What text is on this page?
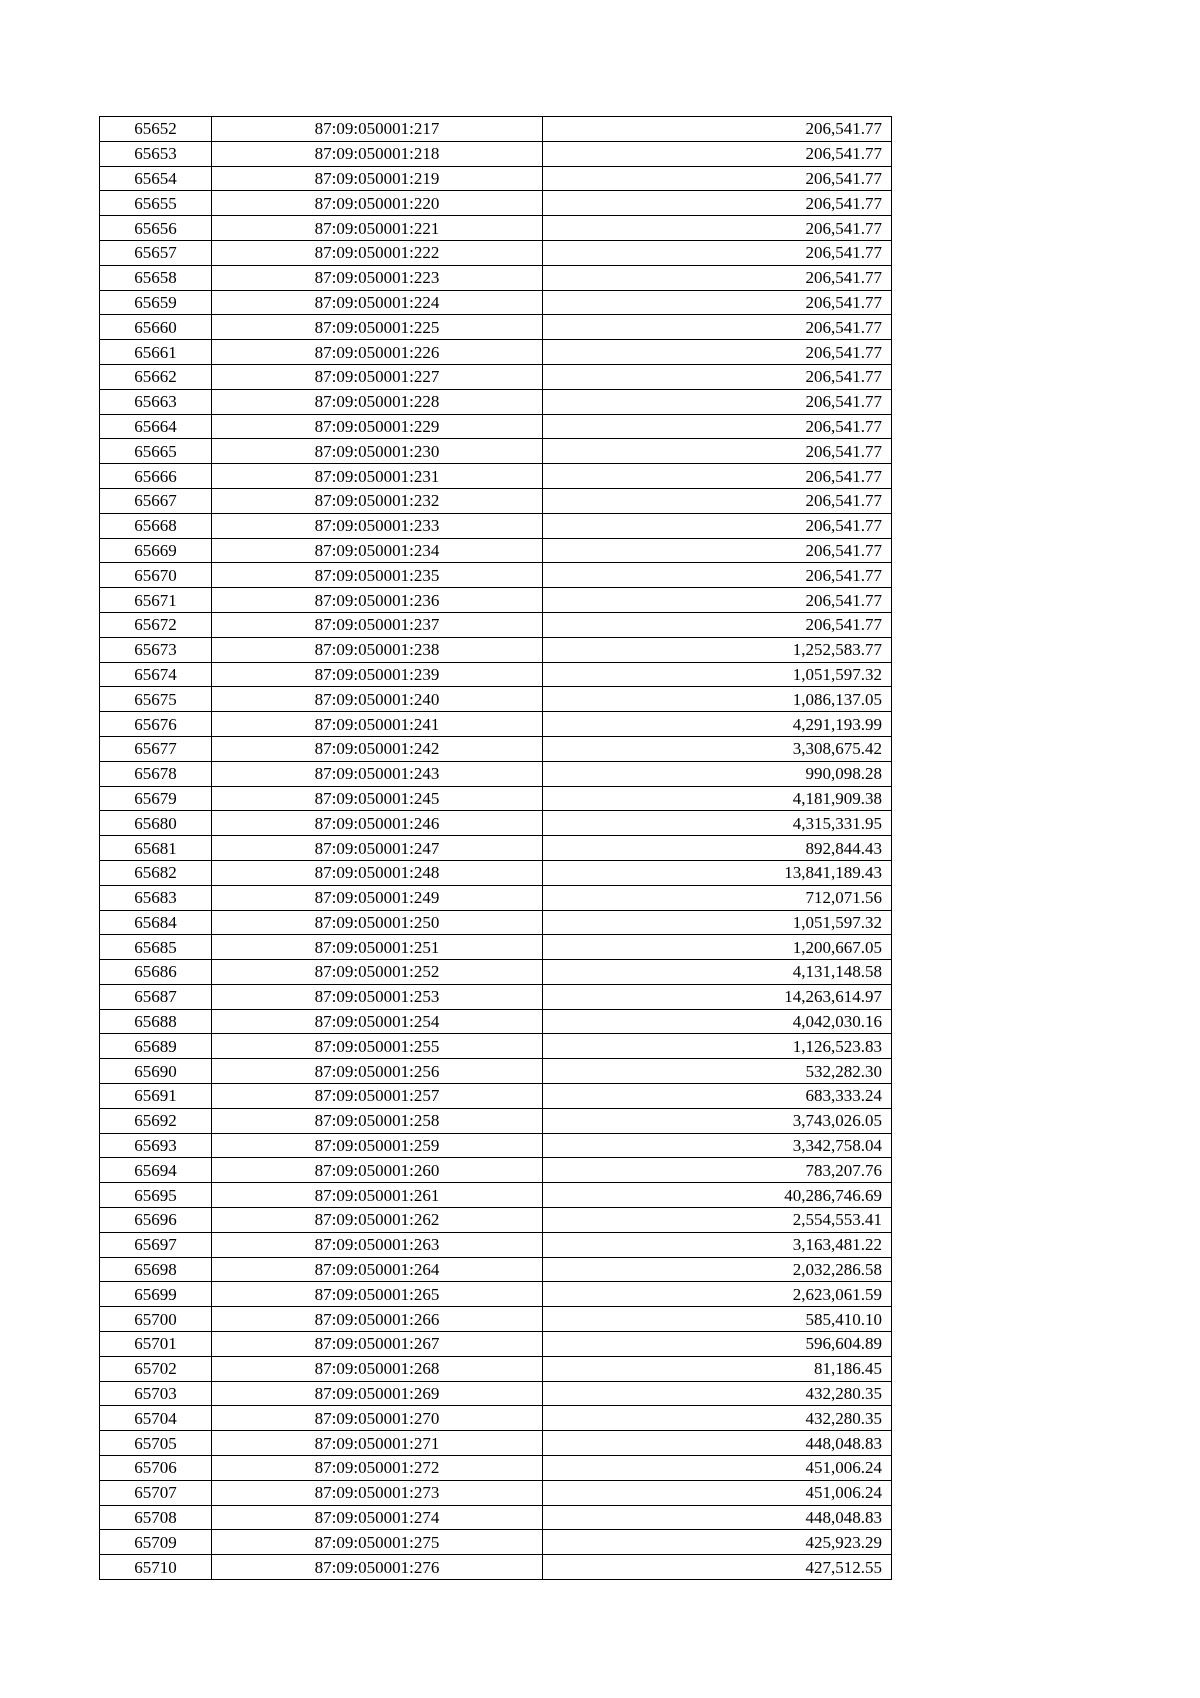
65652	87:09:050001:217	206,541.77
65653	87:09:050001:218	206,541.77
65654	87:09:050001:219	206,541.77
65655	87:09:050001:220	206,541.77
65656	87:09:050001:221	206,541.77
65657	87:09:050001:222	206,541.77
65658	87:09:050001:223	206,541.77
65659	87:09:050001:224	206,541.77
65660	87:09:050001:225	206,541.77
65661	87:09:050001:226	206,541.77
65662	87:09:050001:227	206,541.77
65663	87:09:050001:228	206,541.77
65664	87:09:050001:229	206,541.77
65665	87:09:050001:230	206,541.77
65666	87:09:050001:231	206,541.77
65667	87:09:050001:232	206,541.77
65668	87:09:050001:233	206,541.77
65669	87:09:050001:234	206,541.77
65670	87:09:050001:235	206,541.77
65671	87:09:050001:236	206,541.77
65672	87:09:050001:237	206,541.77
65673	87:09:050001:238	1,252,583.77
65674	87:09:050001:239	1,051,597.32
65675	87:09:050001:240	1,086,137.05
65676	87:09:050001:241	4,291,193.99
65677	87:09:050001:242	3,308,675.42
65678	87:09:050001:243	990,098.28
65679	87:09:050001:245	4,181,909.38
65680	87:09:050001:246	4,315,331.95
65681	87:09:050001:247	892,844.43
65682	87:09:050001:248	13,841,189.43
65683	87:09:050001:249	712,071.56
65684	87:09:050001:250	1,051,597.32
65685	87:09:050001:251	1,200,667.05
65686	87:09:050001:252	4,131,148.58
65687	87:09:050001:253	14,263,614.97
65688	87:09:050001:254	4,042,030.16
65689	87:09:050001:255	1,126,523.83
65690	87:09:050001:256	532,282.30
65691	87:09:050001:257	683,333.24
65692	87:09:050001:258	3,743,026.05
65693	87:09:050001:259	3,342,758.04
65694	87:09:050001:260	783,207.76
65695	87:09:050001:261	40,286,746.69
65696	87:09:050001:262	2,554,553.41
65697	87:09:050001:263	3,163,481.22
65698	87:09:050001:264	2,032,286.58
65699	87:09:050001:265	2,623,061.59
65700	87:09:050001:266	585,410.10
65701	87:09:050001:267	596,604.89
65702	87:09:050001:268	81,186.45
65703	87:09:050001:269	432,280.35
65704	87:09:050001:270	432,280.35
65705	87:09:050001:271	448,048.83
65706	87:09:050001:272	451,006.24
65707	87:09:050001:273	451,006.24
65708	87:09:050001:274	448,048.83
65709	87:09:050001:275	425,923.29
65710	87:09:050001:276	427,512.55
